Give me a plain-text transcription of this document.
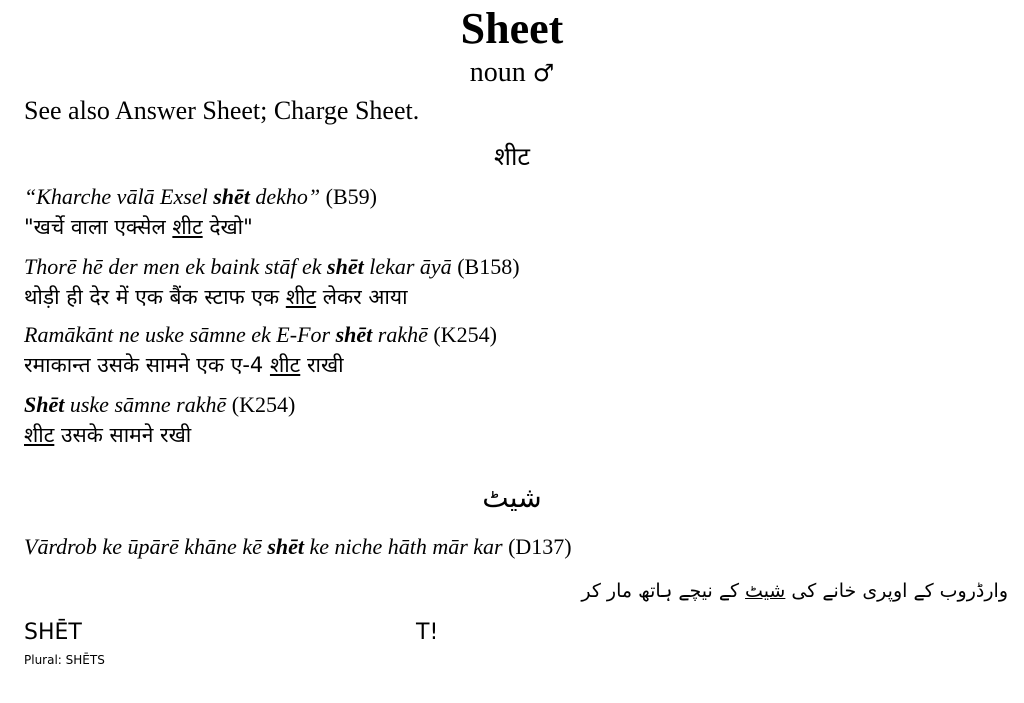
Sheet
noun ♂
See also Answer Sheet; Charge Sheet.
शीट
“Kharche vālā Exsel shēt dekho” (B59)
"खर्चे वाला एक्सेल शीट देखो"
Thorē hē der men ek baink stāf ek shēt lekar āyā (B158)
थोड़ी ही देर में एक बैंक स्टाफ एक शीट लेकर आया
Ramākānt ne uske sāmne ek E-For shēt rakhē (K254)
रमाकान्त उसके सामने एक ए-4 शीट राखी
Shēt uske sāmne rakhē (K254)
शीट उसके सामने रखी
شیٹ
Vārdrob ke ūpārē khāne kē shēt ke niche hāth mār kar (D137)
وارڈروب کے اوپری خانے کی شیٹ کے نیچے ہاتھ مار کر
SHĒT	T!
Plural: SHĒTS
